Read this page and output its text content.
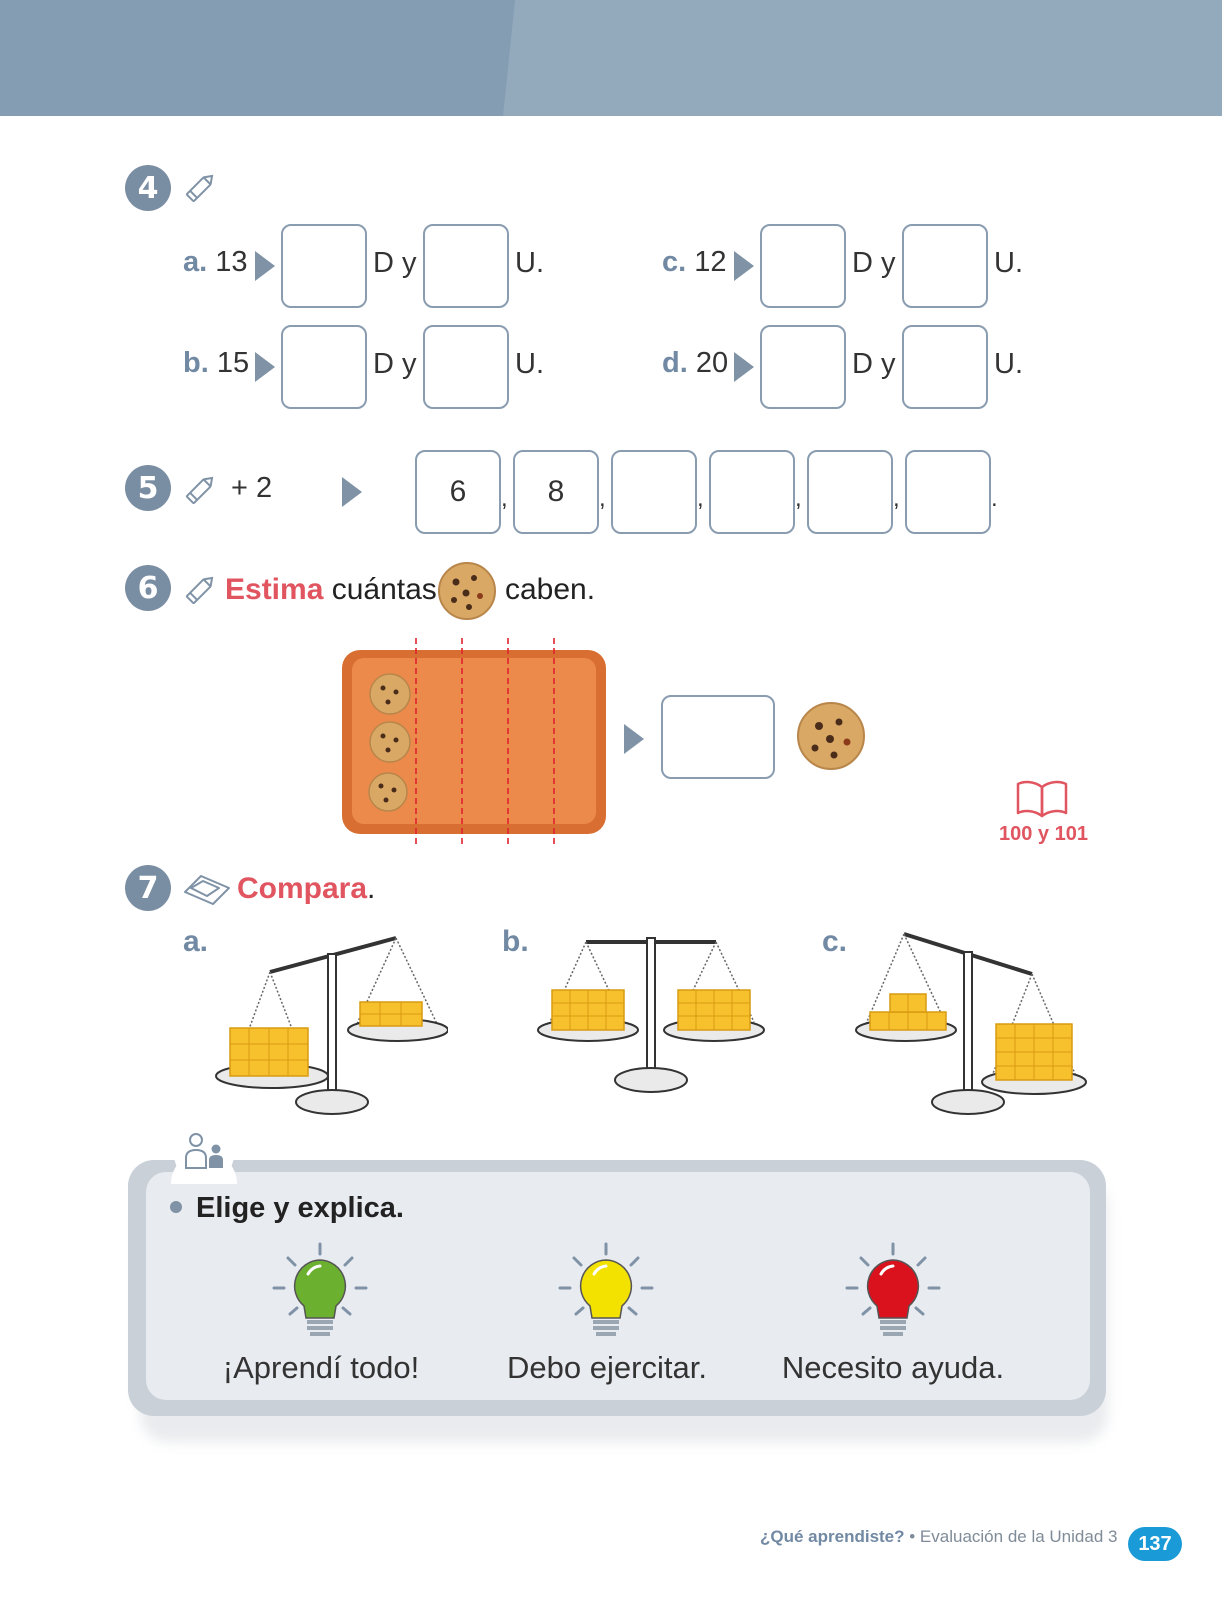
4
a. 13	D y	U.
b. 15	D y	U.
c. 12	D y	U.
d. 20	D y	U.
5	+ 2	6	,	8	,	,	,	,	.
6	Estima cuántas caben.
100 y 101
7	Compara.
a.	b.	c.
Elige y explica.
¡Aprendí todo!	Debo ejercitar.	Necesito ayuda.
¿Qué aprendiste? • Evaluación de la Unidad 3	137
